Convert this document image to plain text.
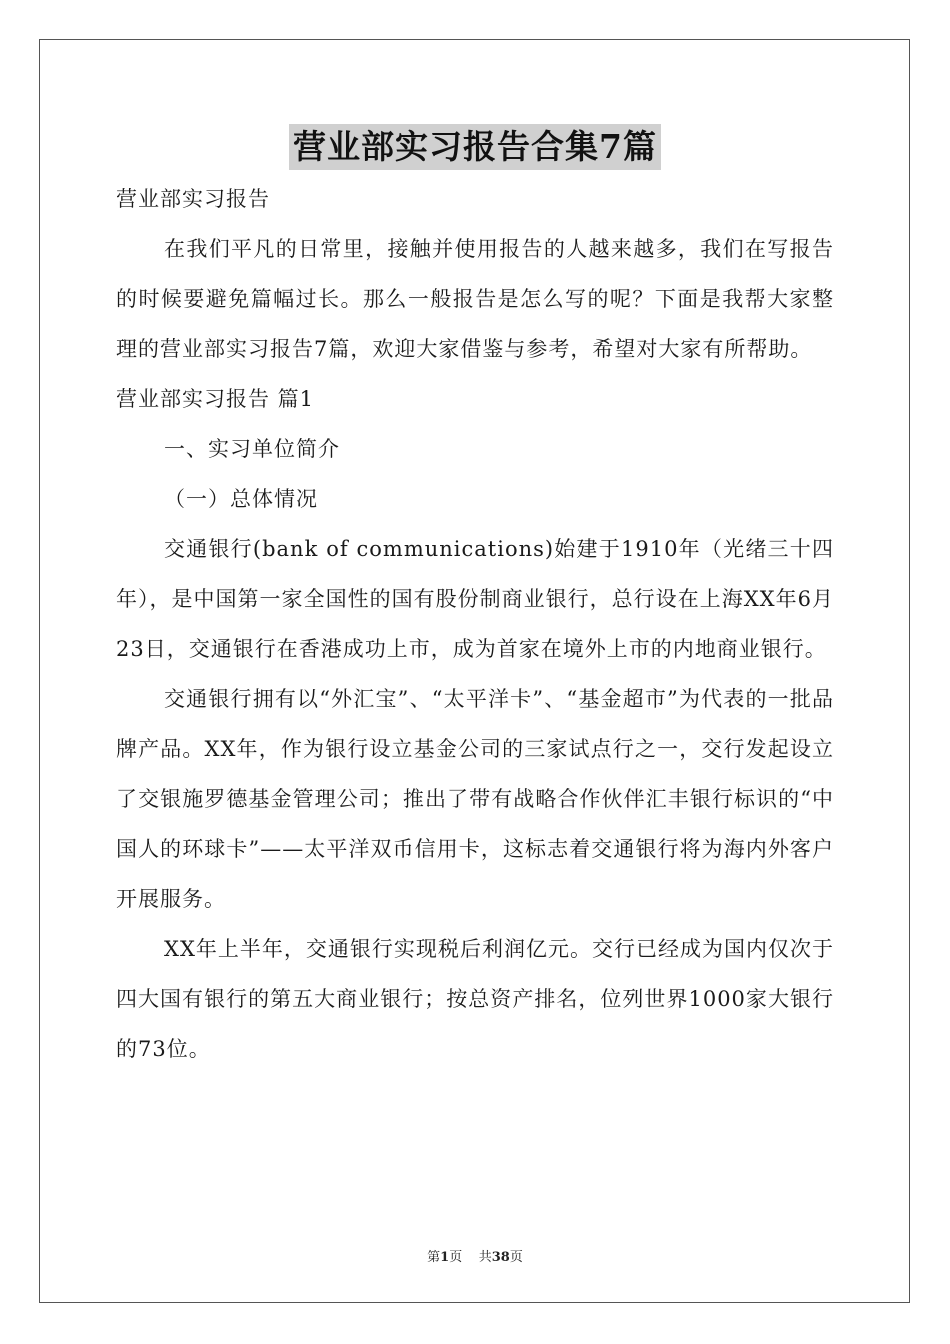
营业部实习报告合集7篇

营业部实习报告

在我们平凡的日常里，接触并使用报告的人越来越多，我们在写报告的时候要避免篇幅过长。那么一般报告是怎么写的呢？下面是我帮大家整理的营业部实习报告7篇，欢迎大家借鉴与参考，希望对大家有所帮助。

营业部实习报告 篇1

一、实习单位简介

（一）总体情况

交通银行(bank of communications)始建于1910年（光绪三十四年），是中国第一家全国性的国有股份制商业银行，总行设在上海XX年6月23日，交通银行在香港成功上市，成为首家在境外上市的内地商业银行。

交通银行拥有以“外汇宝”、“太平洋卡”、“基金超市”为代表的一批品牌产品。XX年，作为银行设立基金公司的三家试点行之一，交行发起设立了交银施罗德基金管理公司；推出了带有战略合作伙伴汇丰银行标识的“中国人的环球卡”——太平洋双币信用卡，这标志着交通银行将为海内外客户开展服务。

XX年上半年，交通银行实现税后利润亿元。交行已经成为国内仅次于四大国有银行的第五大商业银行；按总资产排名，位列世界1000家大银行的73位。

第1页 共38页
